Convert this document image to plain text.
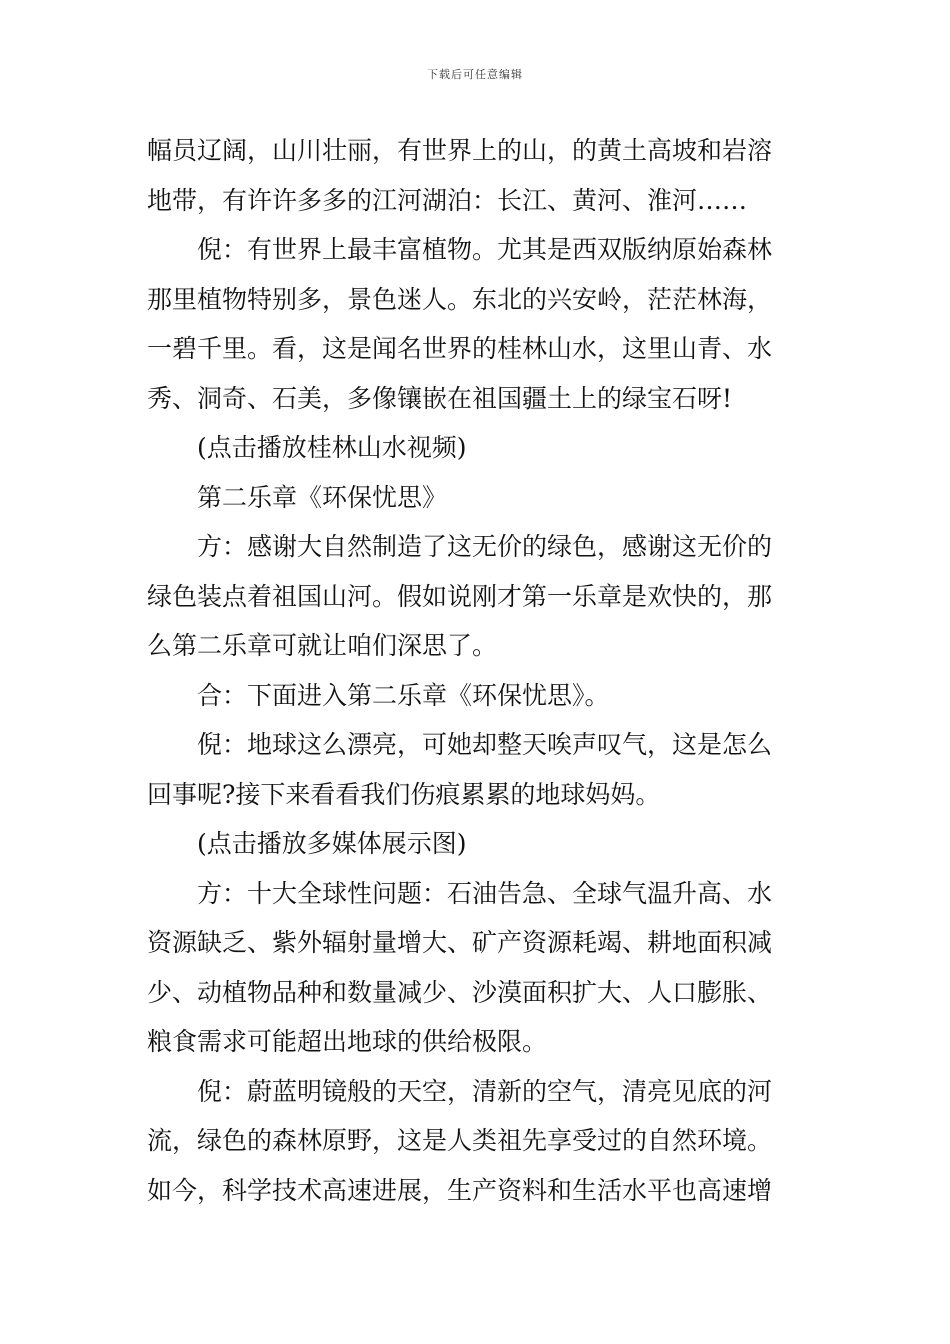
下载后可任意编辑
幅员辽阔，山川壮丽，有世界上的山，的黄土高坡和岩溶
地带，有许许多多的江河湖泊：长江、黄河、淮河……
倪：有世界上最丰富植物。尤其是西双版纳原始森林
那里植物特别多，景色迷人。东北的兴安岭，茫茫林海，
一碧千里。看，这是闻名世界的桂林山水，这里山青、水
秀、洞奇、石美，多像镶嵌在祖国疆土上的绿宝石呀!
(点击播放桂林山水视频)
第二乐章《环保忧思》
方：感谢大自然制造了这无价的绿色，感谢这无价的
绿色装点着祖国山河。假如说刚才第一乐章是欢快的，那
么第二乐章可就让咱们深思了。
合：下面进入第二乐章《环保忧思》。
倪：地球这么漂亮，可她却整天唉声叹气，这是怎么
回事呢?接下来看看我们伤痕累累的地球妈妈。
(点击播放多媒体展示图)
方：十大全球性问题：石油告急、全球气温升高、水
资源缺乏、紫外辐射量增大、矿产资源耗竭、耕地面积减
少、动植物品种和数量减少、沙漠面积扩大、人口膨胀、
粮食需求可能超出地球的供给极限。
倪：蔚蓝明镜般的天空，清新的空气，清亮见底的河
流，绿色的森林原野，这是人类祖先享受过的自然环境。
如今，科学技术高速进展，生产资料和生活水平也高速增
